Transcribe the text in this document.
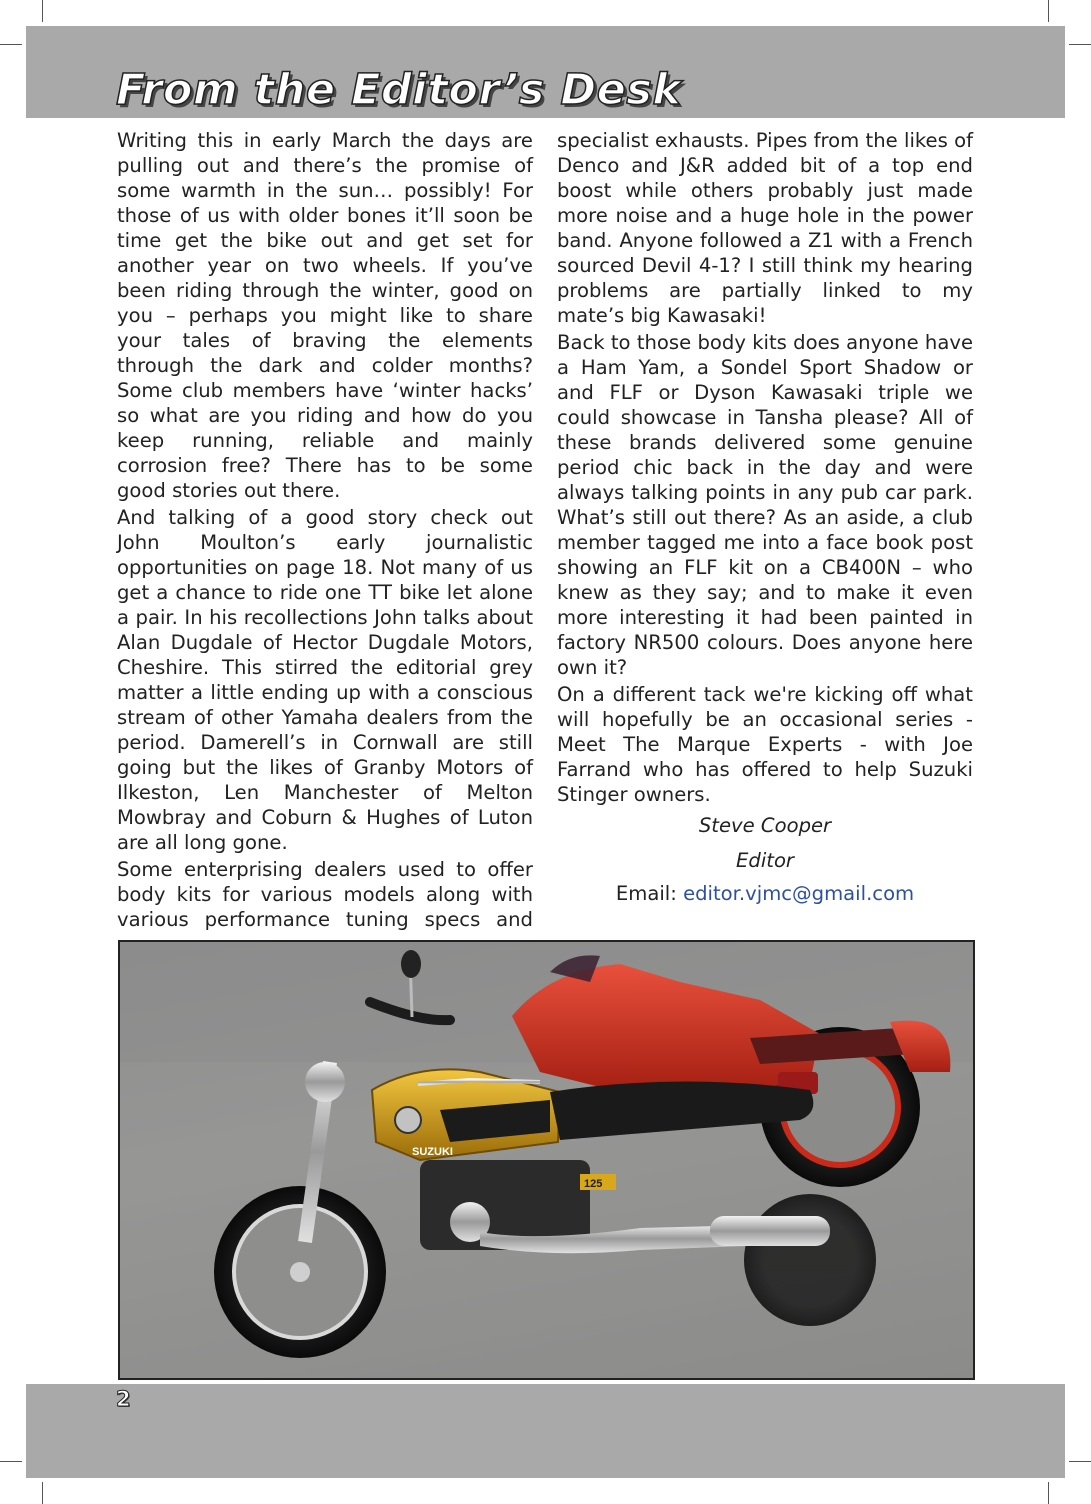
From the Editor’s Desk

Writing this in early March the days are pulling out and there’s the promise of some warmth in the sun… possibly! For those of us with older bones it’ll soon be time get the bike out and get set for another year on two wheels. If you’ve been riding through the winter, good on you – perhaps you might like to share your tales of braving the elements through the dark and colder months? Some club members have ‘winter hacks’ so what are you riding and how do you keep running, reliable and mainly corrosion free? There has to be some good stories out there.

And talking of a good story check out John Moulton’s early journalistic opportunities on page 18. Not many of us get a chance to ride one TT bike let alone a pair. In his recollections John talks about Alan Dugdale of Hector Dugdale Motors, Cheshire. This stirred the editorial grey matter a little ending up with a conscious stream of other Yamaha dealers from the period. Damerell’s in Cornwall are still going but the likes of Granby Motors of Ilkeston, Len Manchester of Melton Mowbray and Coburn & Hughes of Luton are all long gone.

Some enterprising dealers used to offer body kits for various models along with various performance tuning specs and

specialist exhausts. Pipes from the likes of Denco and J&R added bit of a top end boost while others probably just made more noise and a huge hole in the power band. Anyone followed a Z1 with a French sourced Devil 4-1? I still think my hearing problems are partially linked to my mate’s big Kawasaki!

Back to those body kits does anyone have a Ham Yam, a Sondel Sport Shadow or and FLF or Dyson Kawasaki triple we could showcase in Tansha please? All of these brands delivered some genuine period chic back in the day and were always talking points in any pub car park. What’s still out there? As an aside, a club member tagged me into a face book post showing an FLF kit on a CB400N – who knew as they say; and to make it even more interesting it had been painted in factory NR500 colours. Does anyone here own it?

On a different tack we're kicking off what will hopefully be an occasional series - Meet The Marque Experts - with Joe Farrand who has offered to help Suzuki Stinger owners.

Steve Cooper

Editor

Email: editor.vjmc@gmail.com

SUZUKI
125
2
